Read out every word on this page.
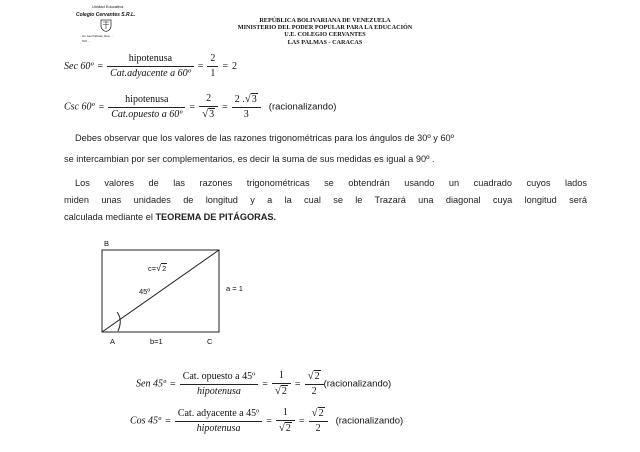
Unidad Educativa
Colegio Cervantes S.R.L.
Av. Las Palmas, Esq. ...
Telf. ...
REPÚBLICA BOLIVARIANA DE VENEZUELA
MINISTERIO DEL PODER POPULAR PARA LA EDUCACIÓN
U.E. COLEGIO CERVANTES
LAS PALMAS - CARACAS
Sec 60º = $\frac{\text{hipotenusa}}{\text{Cat.adyacente a 60º}} = \frac{2}{1} = 2$
Csc 60º = $\frac{\text{hipotenusa}}{\text{Cat.opuesto a 60º}} = \frac{2}{√3} = \frac{2 .√3}{3}$ (racionalizando)
Debes observar que los valores de las razones trigonométricas para los ángulos de 30º y 60º
se intercambian por ser complementarios, es decir la suma de sus medidas es igual a 90º .
Los valores de las razones trigonométricas se obtendrán usando un cuadrado cuyos lados
miden unas unidades de longitud y a la cual se le Trazará una diagonal cuya longitud será
calculada mediante el TEOREMA DE PITÁGORAS.
B
A	C
b=1
a = 1
c=√2
45º
Sen 45º = $\frac{\text{Cat. opuesto a 45º}}{\text{hipotenusa}} = \frac{1}{√2} = \frac{√2}{2}$ (racionalizando)
Cos 45º = $\frac{\text{Cat. adyacente a 45º}}{\text{hipotenusa}} = \frac{1}{√2} = \frac{√2}{2}$ (racionalizando)
